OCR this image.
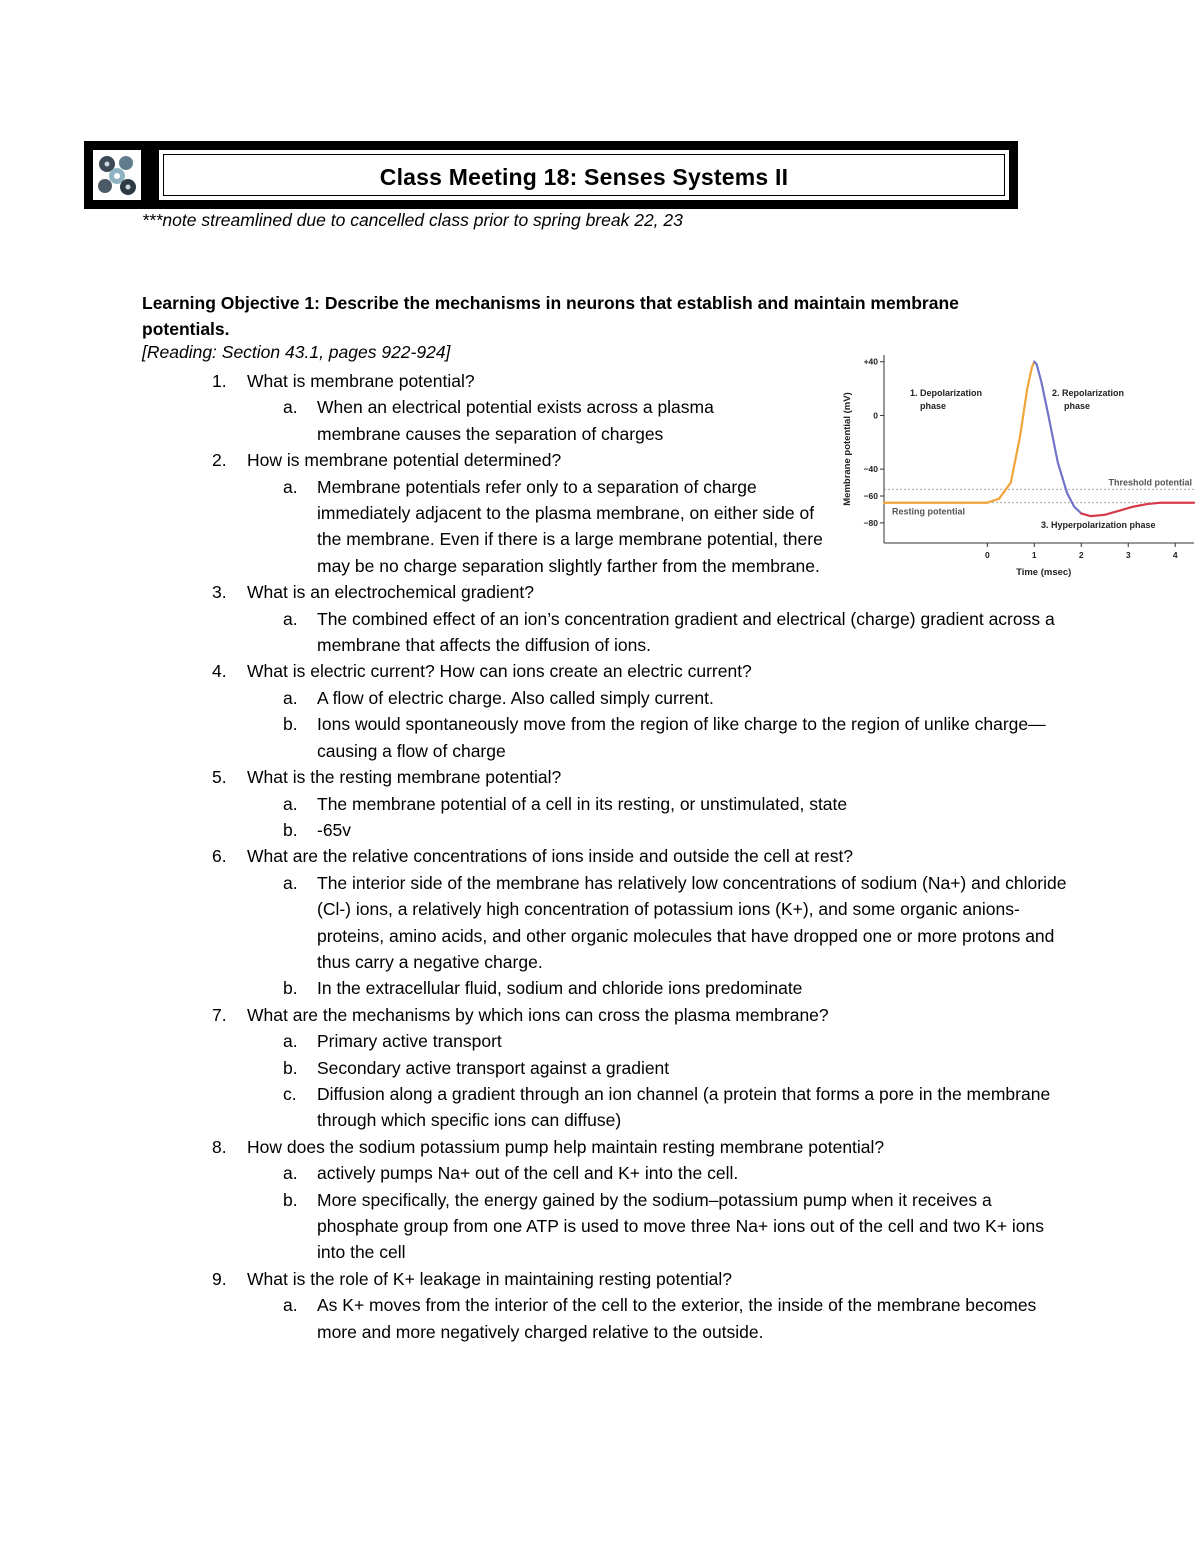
Class Meeting 18: Senses Systems II
***note streamlined due to cancelled class prior to spring break 22, 23
Learning Objective 1: Describe the mechanisms in neurons that establish and maintain membrane potentials.
[Reading: Section 43.1, pages 922-924]
1. What is membrane potential?
a. When an electrical potential exists across a plasma membrane causes the separation of charges
2. How is membrane potential determined?
a. Membrane potentials refer only to a separation of charge immediately adjacent to the plasma membrane, on either side of the membrane. Even if there is a large membrane potential, there may be no charge separation slightly farther from the membrane.
3. What is an electrochemical gradient?
a. The combined effect of an ion’s concentration gradient and electrical (charge) gradient across a membrane that affects the diffusion of ions.
4. What is electric current? How can ions create an electric current?
a. A flow of electric charge. Also called simply current.
b. Ions would spontaneously move from the region of like charge to the region of unlike charge—causing a flow of charge
5. What is the resting membrane potential?
a. The membrane potential of a cell in its resting, or unstimulated, state
b. -65v
6. What are the relative concentrations of ions inside and outside the cell at rest?
a. The interior side of the membrane has relatively low concentrations of sodium (Na+) and chloride (Cl-) ions, a relatively high concentration of potassium ions (K+), and some organic anions-proteins, amino acids, and other organic molecules that have dropped one or more protons and thus carry a negative charge.
b. In the extracellular fluid, sodium and chloride ions predominate
7. What are the mechanisms by which ions can cross the plasma membrane?
a. Primary active transport
b. Secondary active transport against a gradient
c. Diffusion along a gradient through an ion channel (a protein that forms a pore in the membrane through which specific ions can diffuse)
8. How does the sodium potassium pump help maintain resting membrane potential?
a. actively pumps Na+ out of the cell and K+ into the cell.
b. More specifically, the energy gained by the sodium–potassium pump when it receives a phosphate group from one ATP is used to move three Na+ ions out of the cell and two K+ ions into the cell
9. What is the role of K+ leakage in maintaining resting potential?
a. As K+ moves from the interior of the cell to the exterior, the inside of the membrane becomes more and more negatively charged relative to the outside.
+40
0
−40
−60
−80
0	1	2	3	4
Time (msec)
Membrane potential (mV)	Threshold potential
Resting potential
1. Depolarization
phase
2. Repolarization
phase
3. Hyperpolarization phase
